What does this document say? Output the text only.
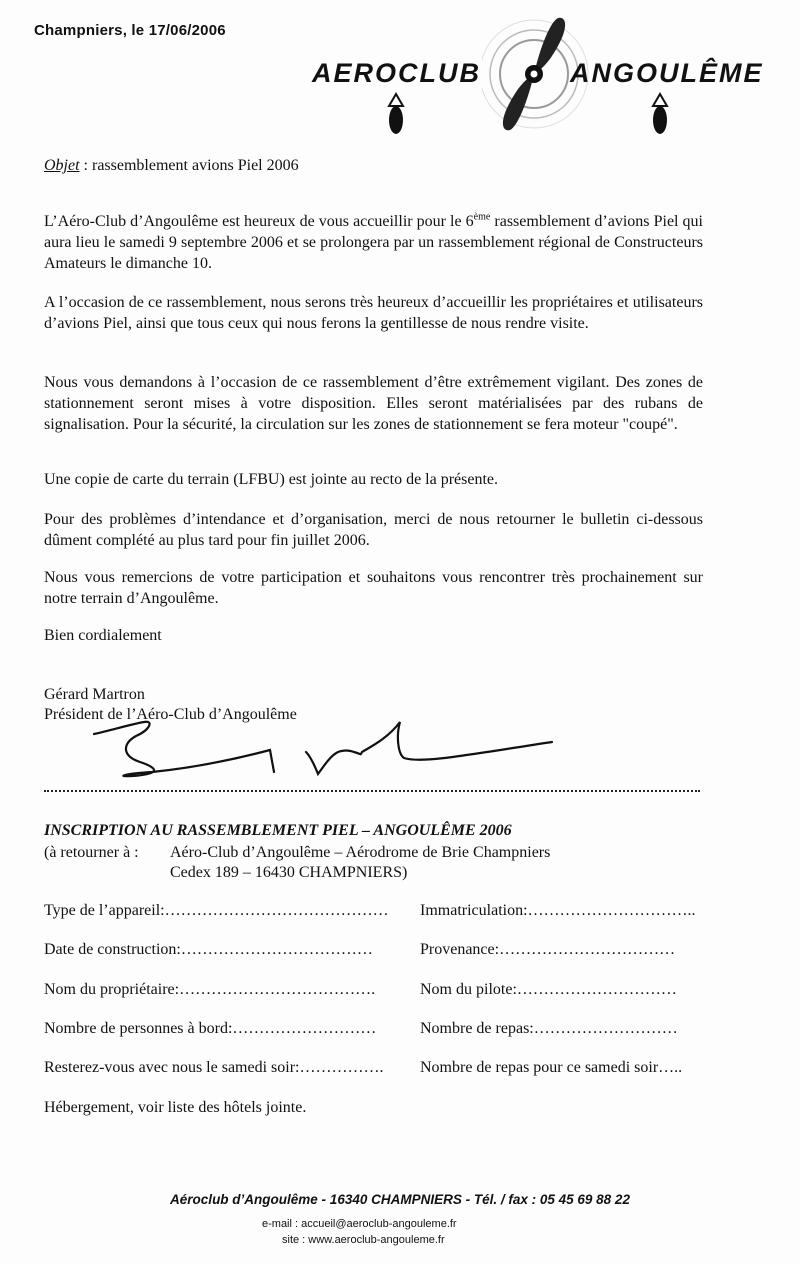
Champniers, le 17/06/2006
AEROCLUB	ANGOULÊME
Objet : rassemblement avions Piel 2006
L’Aéro-Club d’Angoulême est heureux de vous accueillir pour le 6ème rassemblement d’avions Piel qui aura lieu le samedi 9 septembre 2006 et se prolongera par un rassemblement régional de Constructeurs Amateurs le dimanche 10.
A l’occasion de ce rassemblement, nous serons très heureux d’accueillir les propriétaires et utilisateurs d’avions Piel, ainsi que tous ceux qui nous ferons la gentillesse de nous rendre visite.
Nous vous demandons à l’occasion de ce rassemblement d’être extrêmement vigilant. Des zones de stationnement seront mises à votre disposition. Elles seront matérialisées par des rubans de signalisation. Pour la sécurité, la circulation sur les zones de stationnement se fera moteur "coupé".
Une copie de carte du terrain (LFBU) est jointe au recto de la présente.
Pour des problèmes d’intendance et d’organisation, merci de nous retourner le bulletin ci-dessous dûment complété au plus tard pour fin juillet 2006.
Nous vous remercions de votre participation et souhaitons vous rencontrer très prochainement sur notre terrain d’Angoulême.
Bien cordialement
Gérard Martron
Président de l’Aéro-Club d’Angoulême
INSCRIPTION AU RASSEMBLEMENT PIEL – ANGOULÊME 2006
(à retourner à : Aéro-Club d’Angoulême – Aérodrome de Brie Champniers
Cedex 189 – 16430 CHAMPNIERS)
Type de l’appareil:…………………………………… Immatriculation:…………………………..
Date de construction:………………………………	Provenance:……………………………
Nom du propriétaire:……………………………….	Nom du pilote:…………………………
Nombre de personnes à bord:………………………	Nombre de repas:………………………
Resterez-vous avec nous le samedi soir:……………. Nombre de repas pour ce samedi soir…..
Hébergement, voir liste des hôtels jointe.
Aéroclub d’Angoulême - 16340 CHAMPNIERS - Tél. / fax : 05 45 69 88 22
e-mail : accueil@aeroclub-angouleme.fr
site : www.aeroclub-angouleme.fr
